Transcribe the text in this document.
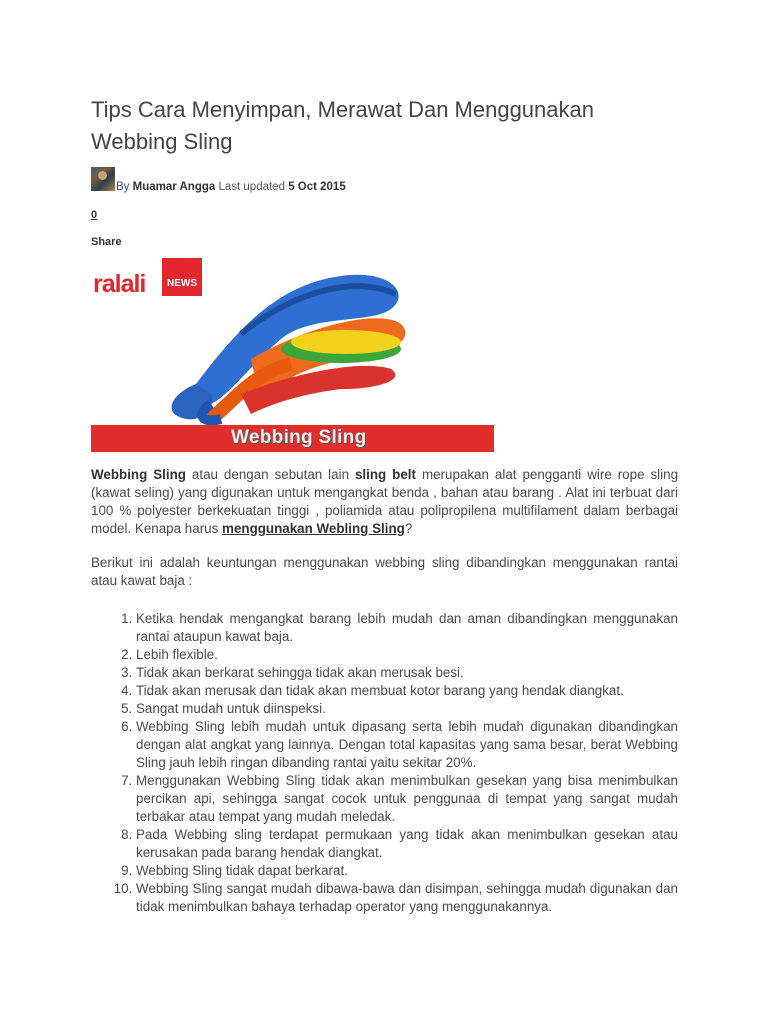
Tips Cara Menyimpan, Merawat Dan Menggunakan Webbing Sling
By Muamar Angga Last updated 5 Oct 2015
0
Share
ralali	NEWS
Webbing Sling

Webbing Sling atau dengan sebutan lain sling belt merupakan alat pengganti wire rope sling (kawat seling) yang digunakan untuk mengangkat benda , bahan atau barang . Alat ini terbuat dari 100 % polyester berkekuatan tinggi , poliamida atau polipropilena multifilament dalam berbagai model. Kenapa harus menggunakan Webling Sling?

Berikut ini adalah keuntungan menggunakan webbing sling dibandingkan menggunakan rantai atau kawat baja :

1. Ketika hendak mengangkat barang lebih mudah dan aman dibandingkan menggunakan rantai ataupun kawat baja.
2. Lebih flexible.
3. Tidak akan berkarat sehingga tidak akan merusak besi.
4. Tidak akan merusak dan tidak akan membuat kotor barang yang hendak diangkat.
5. Sangat mudah untuk diinspeksi.
6. Webbing Sling lebih mudah untuk dipasang serta lebih mudah digunakan dibandingkan dengan alat angkat yang lainnya. Dengan total kapasitas yang sama besar, berat Webbing Sling jauh lebih ringan dibanding rantai yaitu sekitar 20%.
7. Menggunakan Webbing Sling tidak akan menimbulkan gesekan yang bisa menimbulkan percikan api, sehingga sangat cocok untuk penggunaa di tempat yang sangat mudah terbakar atau tempat yang mudah meledak.
8. Pada Webbing sling terdapat permukaan yang tidak akan menimbulkan gesekan atau kerusakan pada barang hendak diangkat.
9. Webbing Sling tidak dapat berkarat.
10. Webbing Sling sangat mudah dibawa-bawa dan disimpan, sehingga mudah digunakan dan tidak menimbulkan bahaya terhadap operator yang menggunakannya.
